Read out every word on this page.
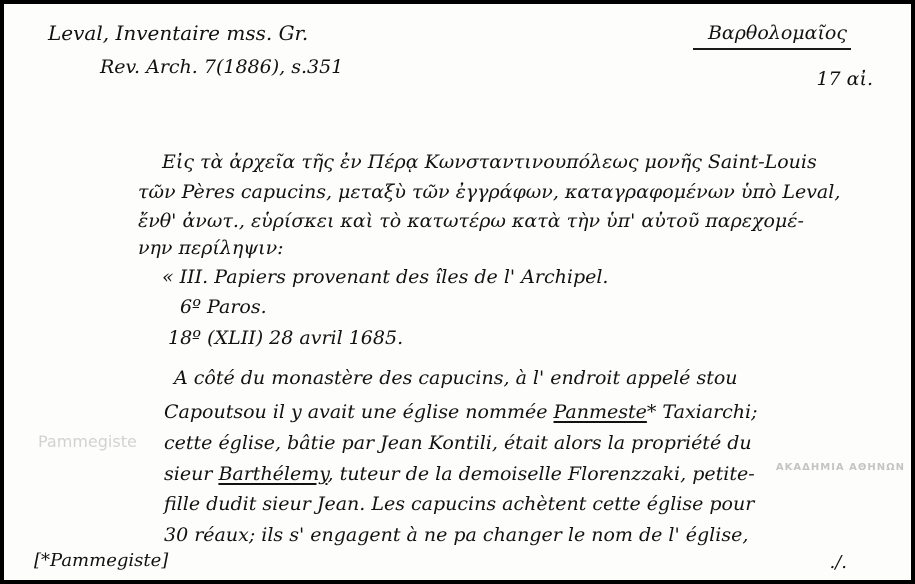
Leval, Inventaire mss. Gr.
Rev. Arch. 7(1886), s.351
Βαρθολομαῖος
17 αἰ.
Εἰς τὰ ἀρχεῖα τῆς ἐν Πέρᾳ Κωνσταντινουπόλεως μονῆς Saint-Louis
τῶν Pères capucins, μεταξὺ τῶν ἐγγράφων, καταγραφομένων ὑπὸ Leval,
ἔνθ' ἀνωτ., εὑρίσκει καὶ τὸ κατωτέρω κατὰ τὴν ὑπ' αὐτοῦ παρεχομέ-
νην περίληψιν:
« III. Papiers provenant des îles de l' Archipel.
6º Paros.
18º (XLII) 28 avril 1685.
A côté du monastère des capucins, à l' endroit appelé stou
Capoutsou il y avait une église nommée Panmeste* Taxiarchi;
cette église, bâtie par Jean Kontili, était alors la propriété du
sieur Barthélemy, tuteur de la demoiselle Florenzzaki, petite-
fille dudit sieur Jean. Les capucins achètent cette église pour
30 réaux; ils s' engagent à ne pa changer le nom de l' église,
[*Pammegiste]	./.
Pammegiste
ΑΚΑΔΗΜΙΑ ΑΘΗΝΩΝ
